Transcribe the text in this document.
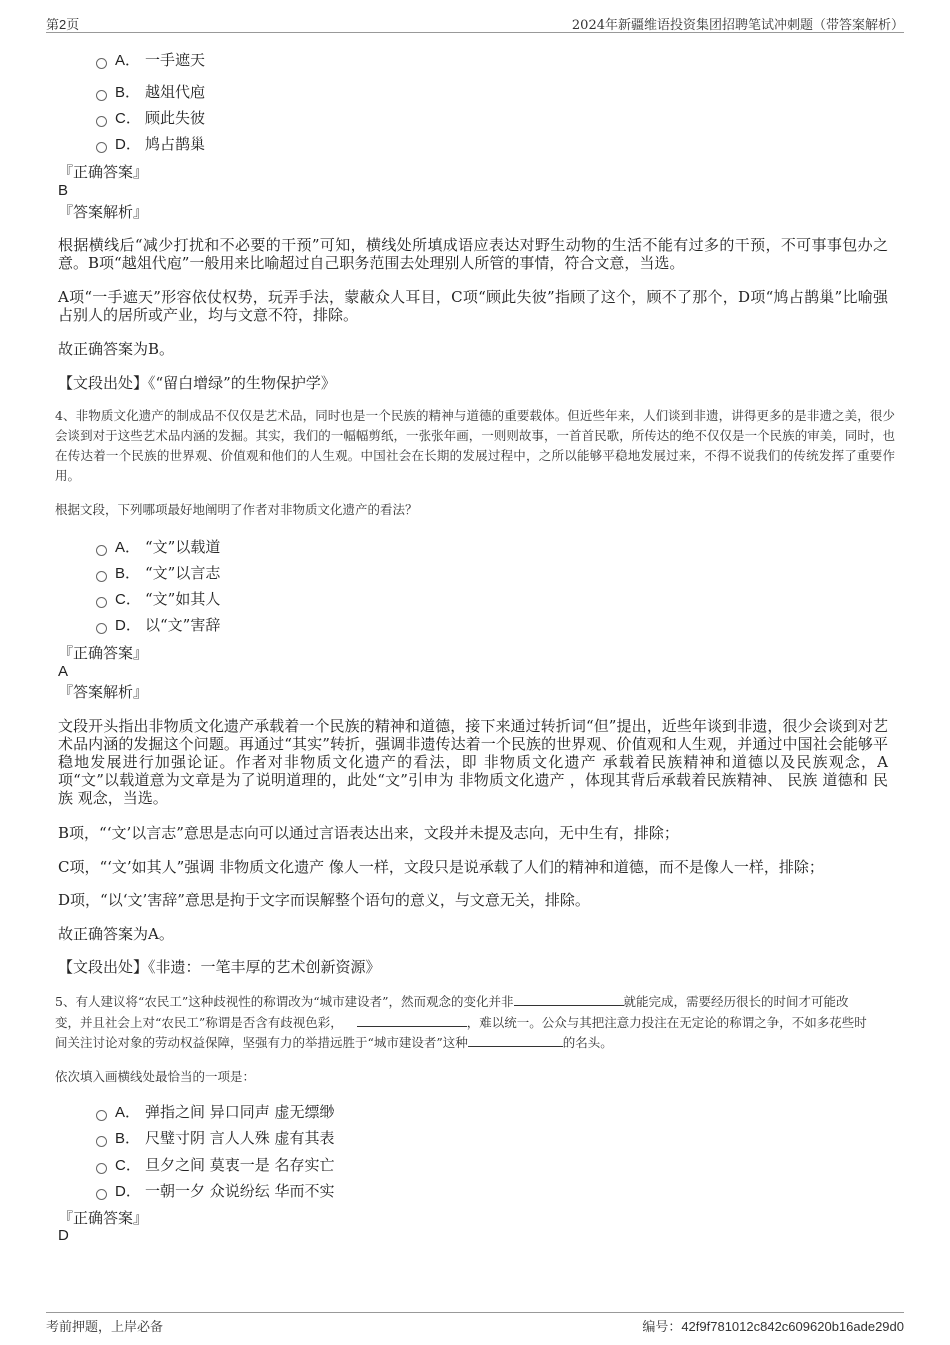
第2页	2024年新疆维语投资集团招聘笔试冲刺题（带答案解析）
A． 一手遮天
B． 越俎代庖
C． 顾此失彼
D． 鸠占鹊巢
『正确答案』
B
『答案解析』
根据横线后“减少打扰和不必要的干预”可知，横线处所填成语应表达对野生动物的生活不能有过多的干预，不可事事包办之意。B项“越俎代庖”一般用来比喻超过自己职务范围去处理别人所管的事情，符合文意，当选。
A项“一手遮天”形容依仗权势，玩弄手法，蒙蔽众人耳目，C项“顾此失彼”指顾了这个，顾不了那个，D项“鸠占鹊巢”比喻强占别人的居所或产业，均与文意不符，排除。
故正确答案为B。
【文段出处】《“留白增绿”的生物保护学》
4、非物质文化遗产的制成品不仅仅是艺术品，同时也是一个民族的精神与道德的重要载体。但近些年来，人们谈到非遗，讲得更多的是非遗之美，很少会谈到对于这些艺术品内涵的发掘。其实，我们的一幅幅剪纸，一张张年画，一则则故事，一首首民歌，所传达的绝不仅仅是一个民族的审美，同时，也在传达着一个民族的世界观、价值观和他们的人生观。中国社会在长期的发展过程中，之所以能够平稳地发展过来，不得不说我们的传统发挥了重要作用。
根据文段，下列哪项最好地阐明了作者对非物质文化遗产的看法？
A． “文”以载道
B． “文”以言志
C． “文”如其人
D． 以“文”害辞
『正确答案』
A
『答案解析』
文段开头指出非物质文化遗产承载着一个民族的精神和道德，接下来通过转折词“但”提出，近些年谈到非遗，很少会谈到对艺术品内涵的发掘这个问题。再通过“其实”转折，强调非遗传达着一个民族的世界观、价值观和人生观，并通过中国社会能够平稳地发展进行加强论证。作者对非物质文化遗产的看法，即 非物质文化遗产 承载着民族精神和道德以及民族观念，A项“文”以载道意为文章是为了说明道理的，此处“文”引申为 非物质文化遗产 ，体现其背后承载着民族精神、 民族 道德和 民族 观念，当选。
B项，“‘文’以言志”意思是志向可以通过言语表达出来，文段并未提及志向，无中生有，排除；
C项，“‘文’如其人”强调 非物质文化遗产 像人一样，文段只是说承载了人们的精神和道德，而不是像人一样，排除；
D项，“以‘文’害辞”意思是拘于文字而误解整个语句的意义，与文意无关，排除。
故正确答案为A。
【文段出处】《非遗：一笔丰厚的艺术创新资源》
5、有人建议将“农民工”这种歧视性的称谓改为“城市建设者”，然而观念的变化并非	就能完成，需要经历很长的时间才可能改
变，并且社会上对“农民工”称谓是否含有歧视色彩，	，难以统一。公众与其把注意力投注在无定论的称谓之争，不如多花些时
间关注讨论对象的劳动权益保障，坚强有力的举措远胜于“城市建设者”这种	的名头。
依次填入画横线处最恰当的一项是：
A． 弹指之间 异口同声 虚无缥缈
B． 尺璧寸阴 言人人殊 虚有其表
C． 旦夕之间 莫衷一是 名存实亡
D． 一朝一夕 众说纷纭 华而不实
『正确答案』
D
考前押题，上岸必备	编号：42f9f781012c842c609620b16ade29d0
